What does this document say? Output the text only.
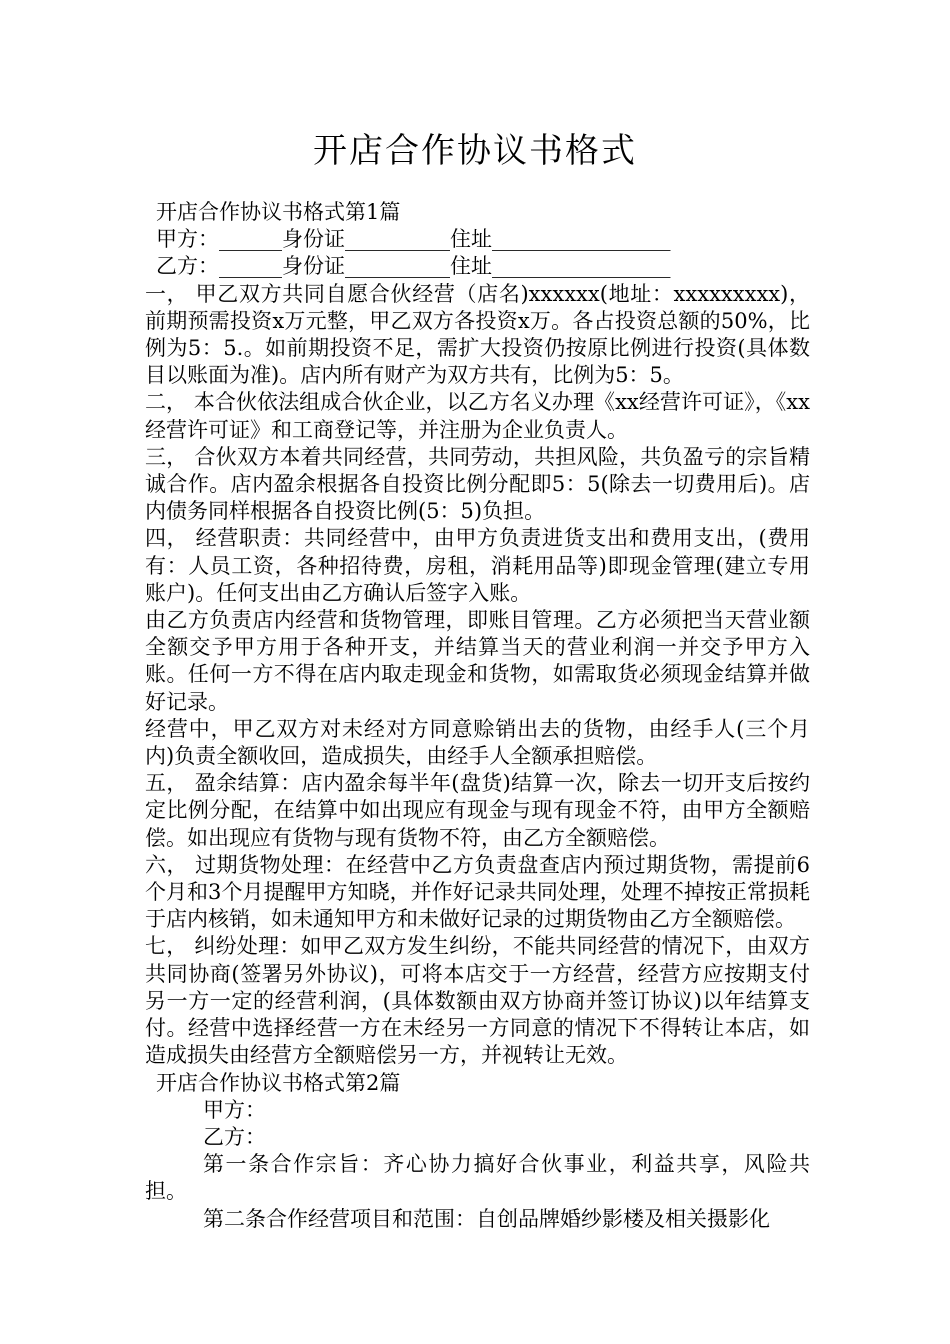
开店合作协议书格式

开店合作协议书格式第1篇

甲方：______身份证__________住址_________________

乙方：______身份证__________住址_________________

一， 甲乙双方共同自愿合伙经营（店名)xxxxxx(地址：xxxxxxxxx)，前期预需投资x万元整，甲乙双方各投资x万。各占投资总额的50%，比例为5：5.。如前期投资不足，需扩大投资仍按原比例进行投资(具体数目以账面为准)。店内所有财产为双方共有，比例为5：5。

二， 本合伙依法组成合伙企业，以乙方名义办理《xx经营许可证》，《xx经营许可证》和工商登记等，并注册为企业负责人。

三， 合伙双方本着共同经营，共同劳动，共担风险，共负盈亏的宗旨精诚合作。店内盈余根据各自投资比例分配即5：5(除去一切费用后)。店内债务同样根据各自投资比例(5：5)负担。

四， 经营职责：共同经营中，由甲方负责进货支出和费用支出，(费用有：人员工资，各种招待费，房租，消耗用品等)即现金管理(建立专用账户)。任何支出由乙方确认后签字入账。

由乙方负责店内经营和货物管理，即账目管理。乙方必须把当天营业额全额交予甲方用于各种开支，并结算当天的营业利润一并交予甲方入账。任何一方不得在店内取走现金和货物，如需取货必须现金结算并做好记录。

经营中，甲乙双方对未经对方同意赊销出去的货物，由经手人(三个月内)负责全额收回，造成损失，由经手人全额承担赔偿。

五， 盈余结算：店内盈余每半年(盘货)结算一次，除去一切开支后按约定比例分配，在结算中如出现应有现金与现有现金不符，由甲方全额赔偿。如出现应有货物与现有货物不符，由乙方全额赔偿。

六， 过期货物处理：在经营中乙方负责盘查店内预过期货物，需提前6个月和3个月提醒甲方知晓，并作好记录共同处理，处理不掉按正常损耗于店内核销，如未通知甲方和未做好记录的过期货物由乙方全额赔偿。

七， 纠纷处理：如甲乙双方发生纠纷，不能共同经营的情况下，由双方共同协商(签署另外协议)，可将本店交于一方经营，经营方应按期支付另一方一定的经营利润，(具体数额由双方协商并签订协议)以年结算支付。经营中选择经营一方在未经另一方同意的情况下不得转让本店，如造成损失由经营方全额赔偿另一方，并视转让无效。

开店合作协议书格式第2篇

甲方：

乙方：

第一条合作宗旨：齐心协力搞好合伙事业，利益共享，风险共担。

第二条合作经营项目和范围：自创品牌婚纱影楼及相关摄影化
